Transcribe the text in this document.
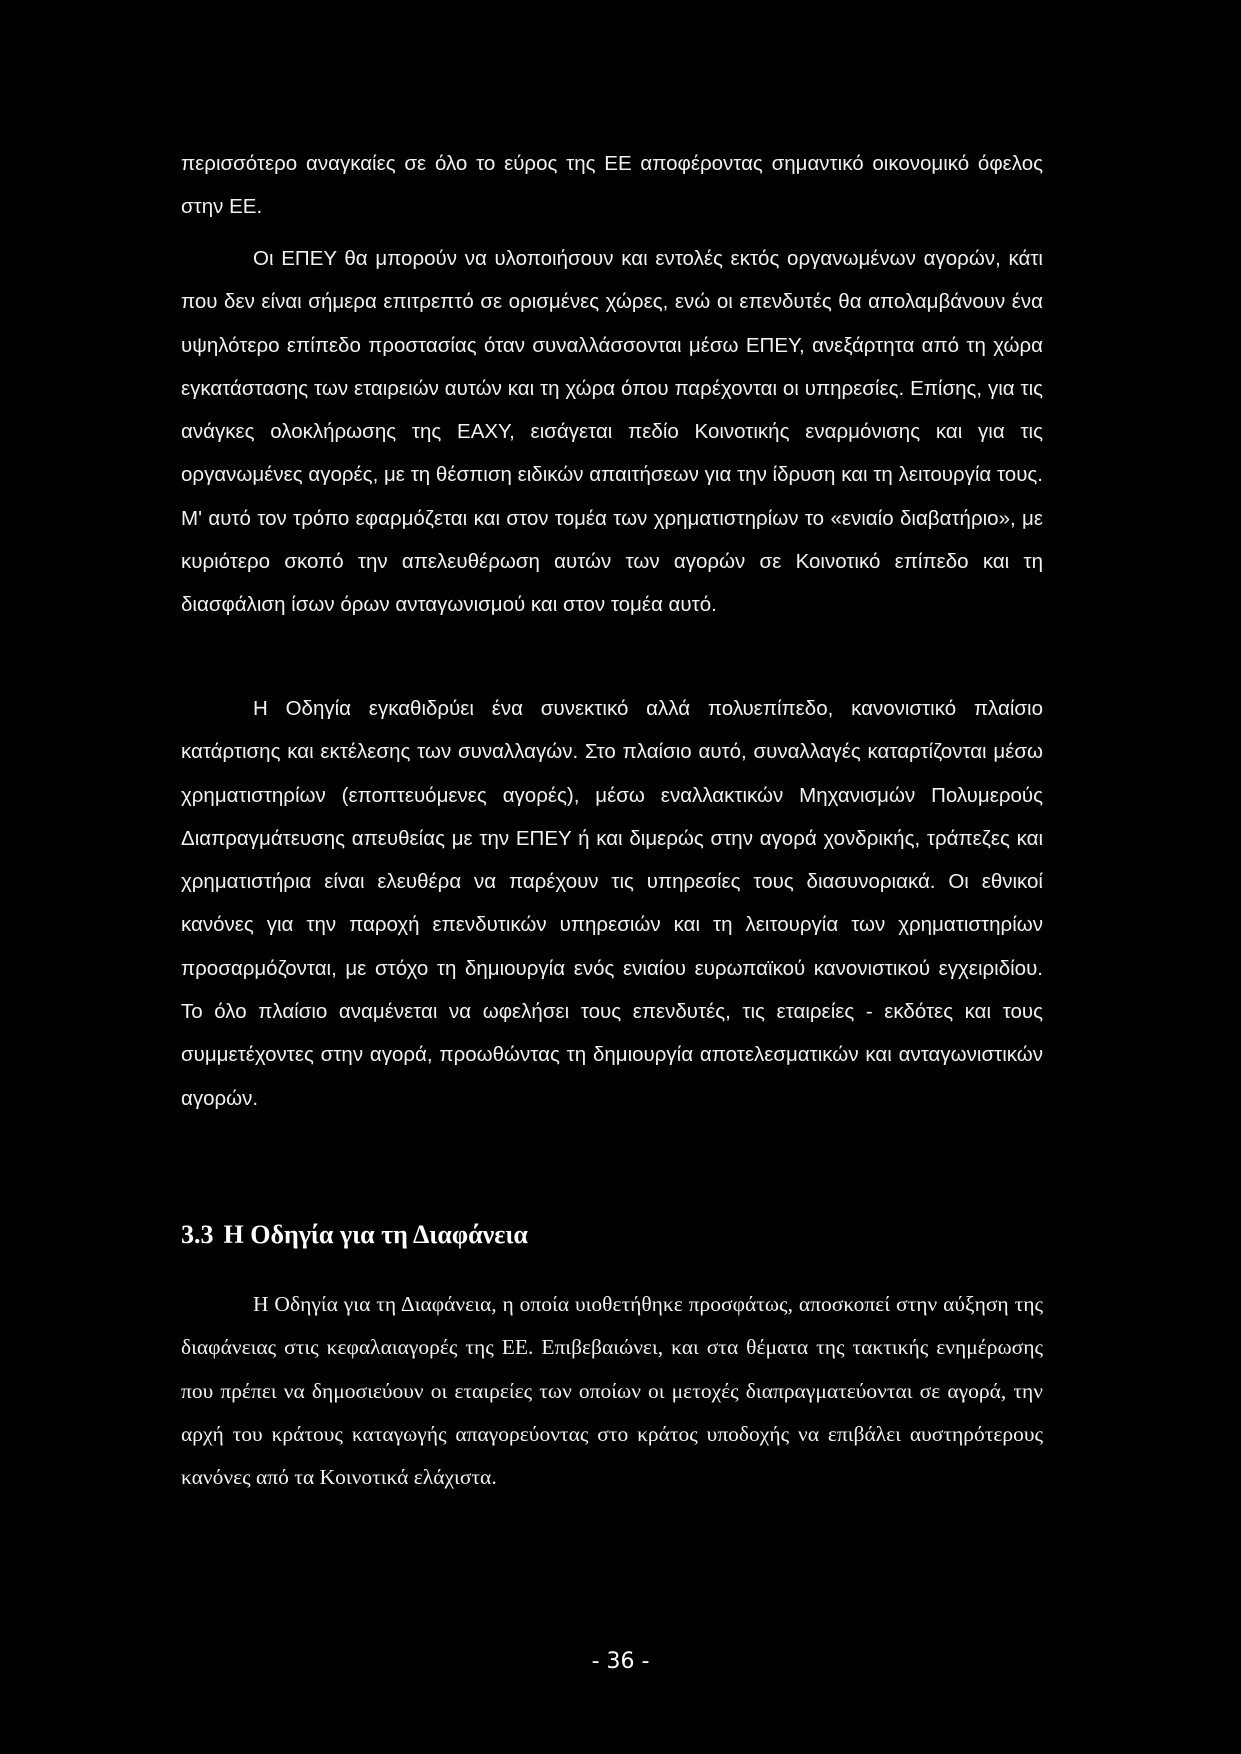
περισσότερο αναγκαίες σε όλο το εύρος της ΕΕ αποφέροντας σημαντικό οικονομικό όφελος στην ΕΕ.

Οι ΕΠΕΥ θα μπορούν να υλοποιήσουν και εντολές εκτός οργανωμένων αγορών, κάτι που δεν είναι σήμερα επιτρεπτό σε ορισμένες χώρες, ενώ οι επενδυτές θα απολαμβάνουν ένα υψηλότερο επίπεδο προστασίας όταν συναλλάσσονται μέσω ΕΠΕΥ, ανεξάρτητα από τη χώρα εγκατάστασης των εταιρειών αυτών και τη χώρα όπου παρέχονται οι υπηρεσίες. Επίσης, για τις ανάγκες ολοκλήρωσης της ΕΑΧΥ, εισάγεται πεδίο Κοινοτικής εναρμόνισης και για τις οργανωμένες αγορές, με τη θέσπιση ειδικών απαιτήσεων για την ίδρυση και τη λειτουργία τους. Μ' αυτό τον τρόπο εφαρμόζεται και στον τομέα των χρηματιστηρίων το «ενιαίο διαβατήριο», με κυριότερο σκοπό την απελευθέρωση αυτών των αγορών σε Κοινοτικό επίπεδο και τη διασφάλιση ίσων όρων ανταγωνισμού και στον τομέα αυτό.

Η Οδηγία εγκαθιδρύει ένα συνεκτικό αλλά πολυεπίπεδο, κανονιστικό πλαίσιο κατάρτισης και εκτέλεσης των συναλλαγών. Στο πλαίσιο αυτό, συναλλαγές καταρτίζονται μέσω χρηματιστηρίων (εποπτευόμενες αγορές), μέσω εναλλακτικών Μηχανισμών Πολυμερούς Διαπραγμάτευσης απευθείας με την ΕΠΕΥ ή και διμερώς στην αγορά χονδρικής, τράπεζες και χρηματιστήρια είναι ελευθέρα να παρέχουν τις υπηρεσίες τους διασυνοριακά. Οι εθνικοί κανόνες για την παροχή επενδυτικών υπηρεσιών και τη λειτουργία των χρηματιστηρίων προσαρμόζονται, με στόχο τη δημιουργία ενός ενιαίου ευρωπαϊκού κανονιστικού εγχειριδίου. Το όλο πλαίσιο αναμένεται να ωφελήσει τους επενδυτές, τις εταιρείες - εκδότες και τους συμμετέχοντες στην αγορά, προωθώντας τη δημιουργία αποτελεσματικών και ανταγωνιστικών αγορών.

3.3 Η Οδηγία για τη Διαφάνεια

Η Οδηγία για τη Διαφάνεια, η οποία υιοθετήθηκε προσφάτως, αποσκοπεί στην αύξηση της διαφάνειας στις κεφαλαιαγορές της ΕΕ. Επιβεβαιώνει, και στα θέματα της τακτικής ενημέρωσης που πρέπει να δημοσιεύουν οι εταιρείες των οποίων οι μετοχές διαπραγματεύονται σε αγορά, την αρχή του κράτους καταγωγής απαγορεύοντας στο κράτος υποδοχής να επιβάλει αυστηρότερους κανόνες από τα Κοινοτικά ελάχιστα.

- 36 -
